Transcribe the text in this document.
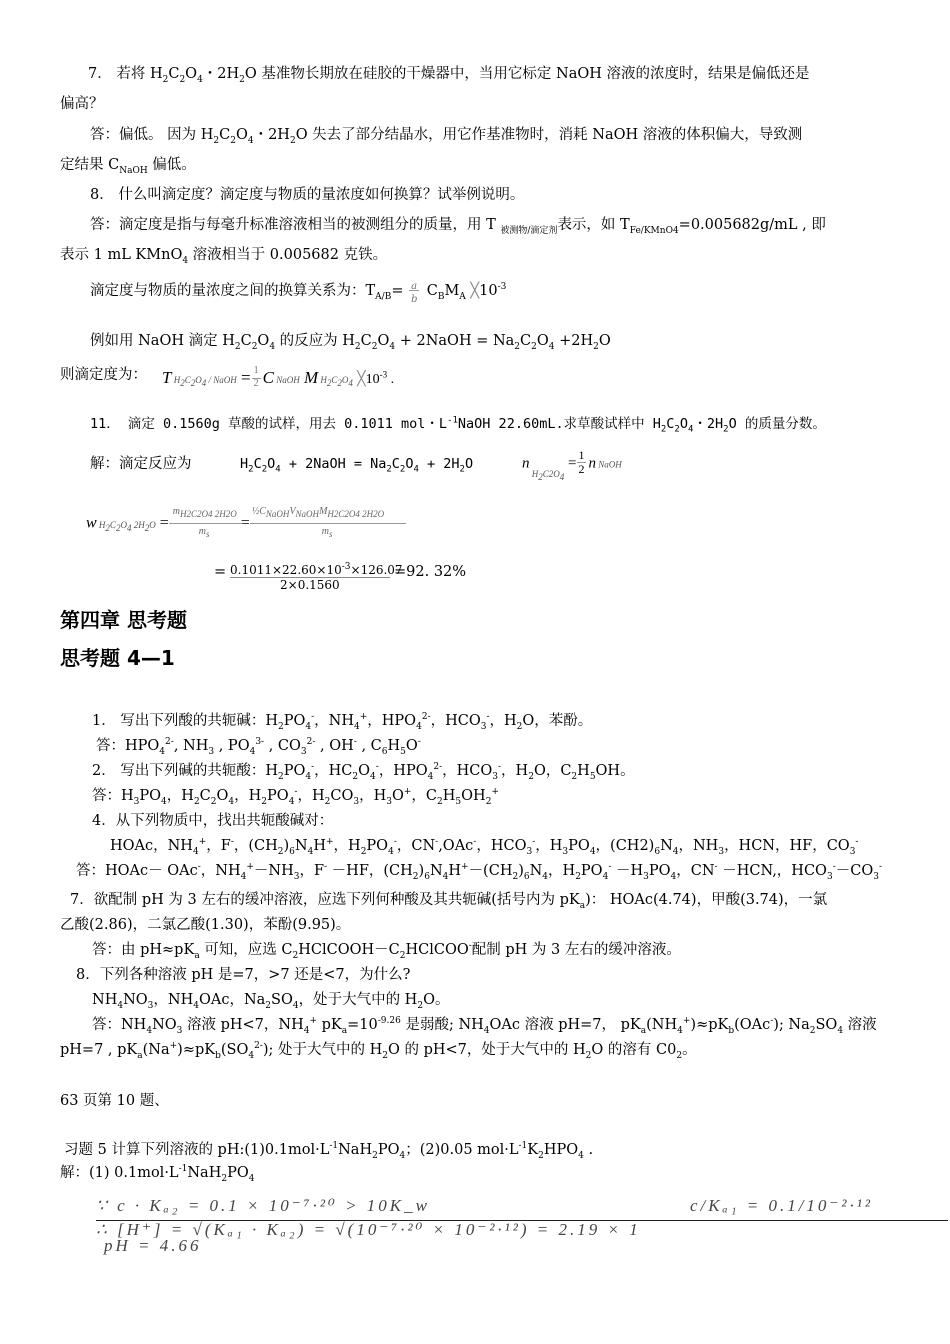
7． 若将 $H_2C_2O_4$・$2H_2O$ 基准物长期放在硅胶的干燥器中，当用它标定 NaOH 溶液的浓度时，结果是偏低还是
偏高？
答：偏低。 因为 $H_2C_2O_4$・$2H_2O$ 失去了部分结晶水，用它作基准物时，消耗 NaOH 溶液的体积偏大，导致测
定结果 $C_{NaOH}$ 偏低。
8． 什么叫滴定度？滴定度与物质的量浓度如何换算？试举例说明。
答：滴定度是指与每毫升标准溶液相当的被测组分的质量，用 T $_{被测物/滴定剂}$表示，如 $T_{Fe/KMnO4}=0.005682g/mL$ , 即
表示 1 mL KMnO$_4$ 溶液相当于 0.005682 克铁。
滴定度与物质的量浓度之间的换算关系为：$T_{A/B}= a$
b
$C_BM_A$ $╳10^{-3}$
例如用 NaOH 滴定 $H_2C_2O_4$ 的反应为 $H_2C_2O_4$ + 2NaOH = $Na_2C_2O_4 +2H_2O$
则滴定度为： T $H_2C_2O_4$ / NaOH = $\frac{1}{2}$ C NaOH M $H_2C_2O_4$ $╳10^{-3}$ .
11． 滴定 0.1560g 草酸的试样，用去 0.1011 mol・$L^{-1}NaOH$ 22.60mL.求草酸试样中 $H_2C_2O_4$・$2H_2O$ 的质量分数。
解：滴定反应为	$H_2C_2O_4$ + 2NaOH = $Na_2C_2O_4 + 2H_2O$	n $_{H_2C2O_4} = \frac{1}{2}$ n NaOH
w $H_2C_2O_4$ $2H_2O = \frac{m_{H2C2O4 2H2O}}{m_s}$ =
$\frac{1}{2}C_{NaOH}V_{NaOH}M_{H2C2O4 2H2O}$
$m_s$
= $0.1011\times 22.60\times 10^{-3}\times 126.07$
2×0.1560
=92. 32%
第四章 思考题
思考题 4—1
1． 写出下列酸的共轭碱：$H_2PO_4^-$，$NH_4^+$，$HPO_4^{2-}$，$HCO_3^-$，$H_2O$，苯酚。
答：$HPO_4^{2-}$, $NH_3$ , $PO_4^{3-}$ , $CO_3^{2-}$ , OH- , $C_6H_5O^-$
2． 写出下列碱的共轭酸：$H_2PO_4^-$，$HC_2O_4^-$，$HPO_4^{2-}$，$HCO_3^-$，$H_2O$，$C_2H_5OH$。
答：$H_3PO_4$，$H_2C_2O_4$，$H_2PO_4^-$，$H_2CO_3$，$H_3O^+$，$C_2H_5OH_2^+$
4．从下列物质中，找出共轭酸碱对：
HOAc，$NH_4^+$，F-，$(CH_2)_6N_4H^+$，$H_2PO_4^-$，CN-,OAc-，$HCO_3^-$，$H_3PO_4$，$(CH2)_6N_4$，$NH_3$，HCN，HF，$CO_3^-$
答：HOAc－ OAc-，$NH_4^+-NH_3$，F- －HF，$(CH_2)_6N_4H^+-(CH_2)_6N_4$，$H_2PO_4^- -H_3PO_4$，CN- －HCN,，$HCO_3^--CO_3^-$
7．欲配制 pH 为 3 左右的缓冲溶液，应选下列何种酸及其共轭碱(括号内为 $pK_a$)： HOAc(4.74)，甲酸(3.74)，一氯
乙酸(2.86)，二氯乙酸(1.30)，苯酚(9.95)。
答：由 $pH\approx pK_a$ 可知，应选 $C_2HClCOOH-C_2HClCOO^-$配制 pH 为 3 左右的缓冲溶液。
8．下列各种溶液 pH 是=7，>7 还是<7，为什么?
$NH_4NO_3$，$NH_4OAc$，$Na_2SO_4$，处于大气中的 $H_2O$。
答：$NH_4NO_3$ 溶液 pH<7，$NH_4^+$ $pK_a=10^{-9.26}$ 是弱酸; $NH_4OAc$ 溶液 pH=7， $pK_a(NH_4^+)\approx pK_b(OAc^-)$; $Na_2SO_4$ 溶液
pH=7 , $pK_a(Na^+)\approx pK_b(SO_4^{2-})$; 处于大气中的 $H_2O$ 的 pH<7，处于大气中的 $H_2O$ 的溶有 $C0_2$。
63 页第 10 题、
习题 5 计算下列溶液的 $pH:(1)0.1mol\cdot L^{-1}NaH_2PO_4$；(2)0.05 $mol\cdot L^{-1}K_2HPO_4$ .
解：(1) $0.1mol\cdot L^{-1}NaH_2PO_4$
∵ c · Kₐ₂ = 0.1 × 10⁻⁷·²⁰ > 10K_w	c/Kₐ₁ = 0.1/10⁻²·¹²
∴ [H⁺] = √(Kₐ₁ · Kₐ₂) = √(10⁻⁷·²⁰ × 10⁻²·¹²) = 2.19 × 1
pH = 4.66
